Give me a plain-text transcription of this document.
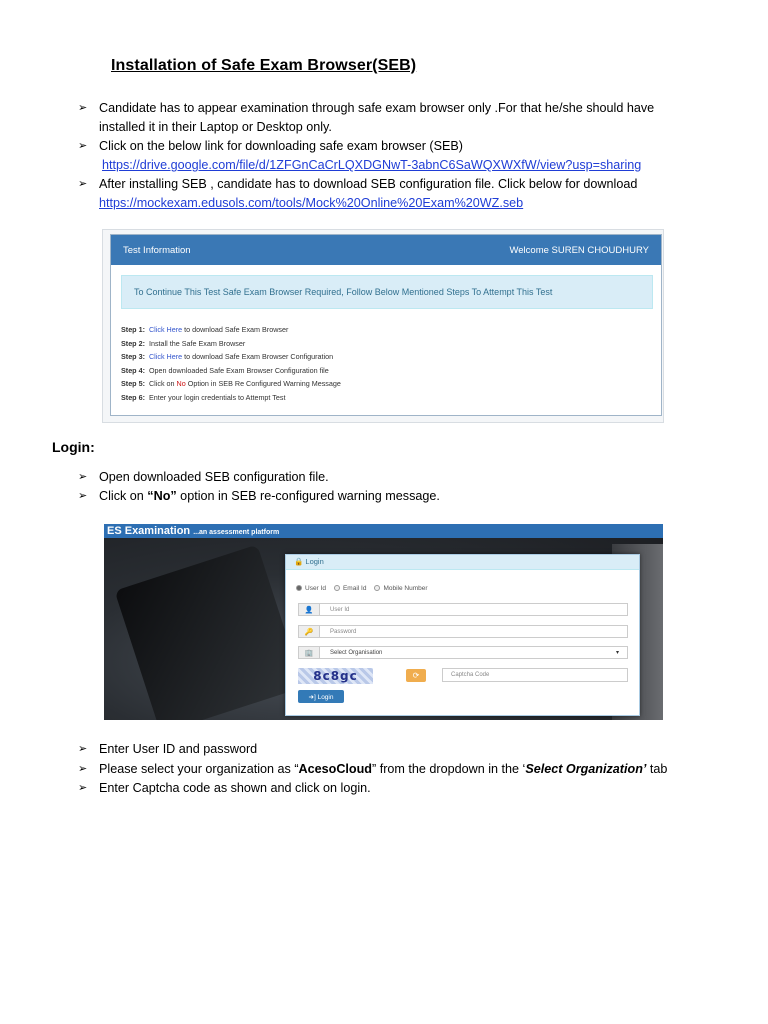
Installation of Safe Exam Browser(SEB)
➢ Candidate has to appear examination through safe exam browser only .For that he/she should have installed it in their Laptop or Desktop only.
➢ Click on the below link for downloading safe exam browser (SEB)
https://drive.google.com/file/d/1ZFGnCaCrLQXDGNwT-3abnC6SaWQXWXfW/view?usp=sharing
➢ After installing SEB , candidate has to download SEB configuration file. Click below for download
https://mockexam.edusols.com/tools/Mock%20Online%20Exam%20WZ.seb
Test Information	Welcome SUREN CHOUDHURY
To Continue This Test Safe Exam Browser Required, Follow Below Mentioned Steps To Attempt This Test
Step 1: Click Here to download Safe Exam Browser
Step 2: Install the Safe Exam Browser
Step 3: Click Here to download Safe Exam Browser Configuration
Step 4: Open downloaded Safe Exam Browser Configuration file
Step 5: Click on No Option in SEB Re Configured Warning Message
Step 6: Enter your login credentials to Attempt Test
Login:
➢ Open downloaded SEB configuration file.
➢ Click on “No” option in SEB re-configured warning message.
ES Examination ...an assessment platform
🔒 Login
User Id	Email Id	Mobile Number
👤	User Id
🔑	Password
🏢	Select Organisation	▾
8c8gc	⟳	Captcha Code
➜] Login
➢ Enter User ID and password
➢ Please select your organization as “AcesoCloud” from the dropdown in the ‘Select Organization’ tab
➢ Enter Captcha code as shown and click on login.
